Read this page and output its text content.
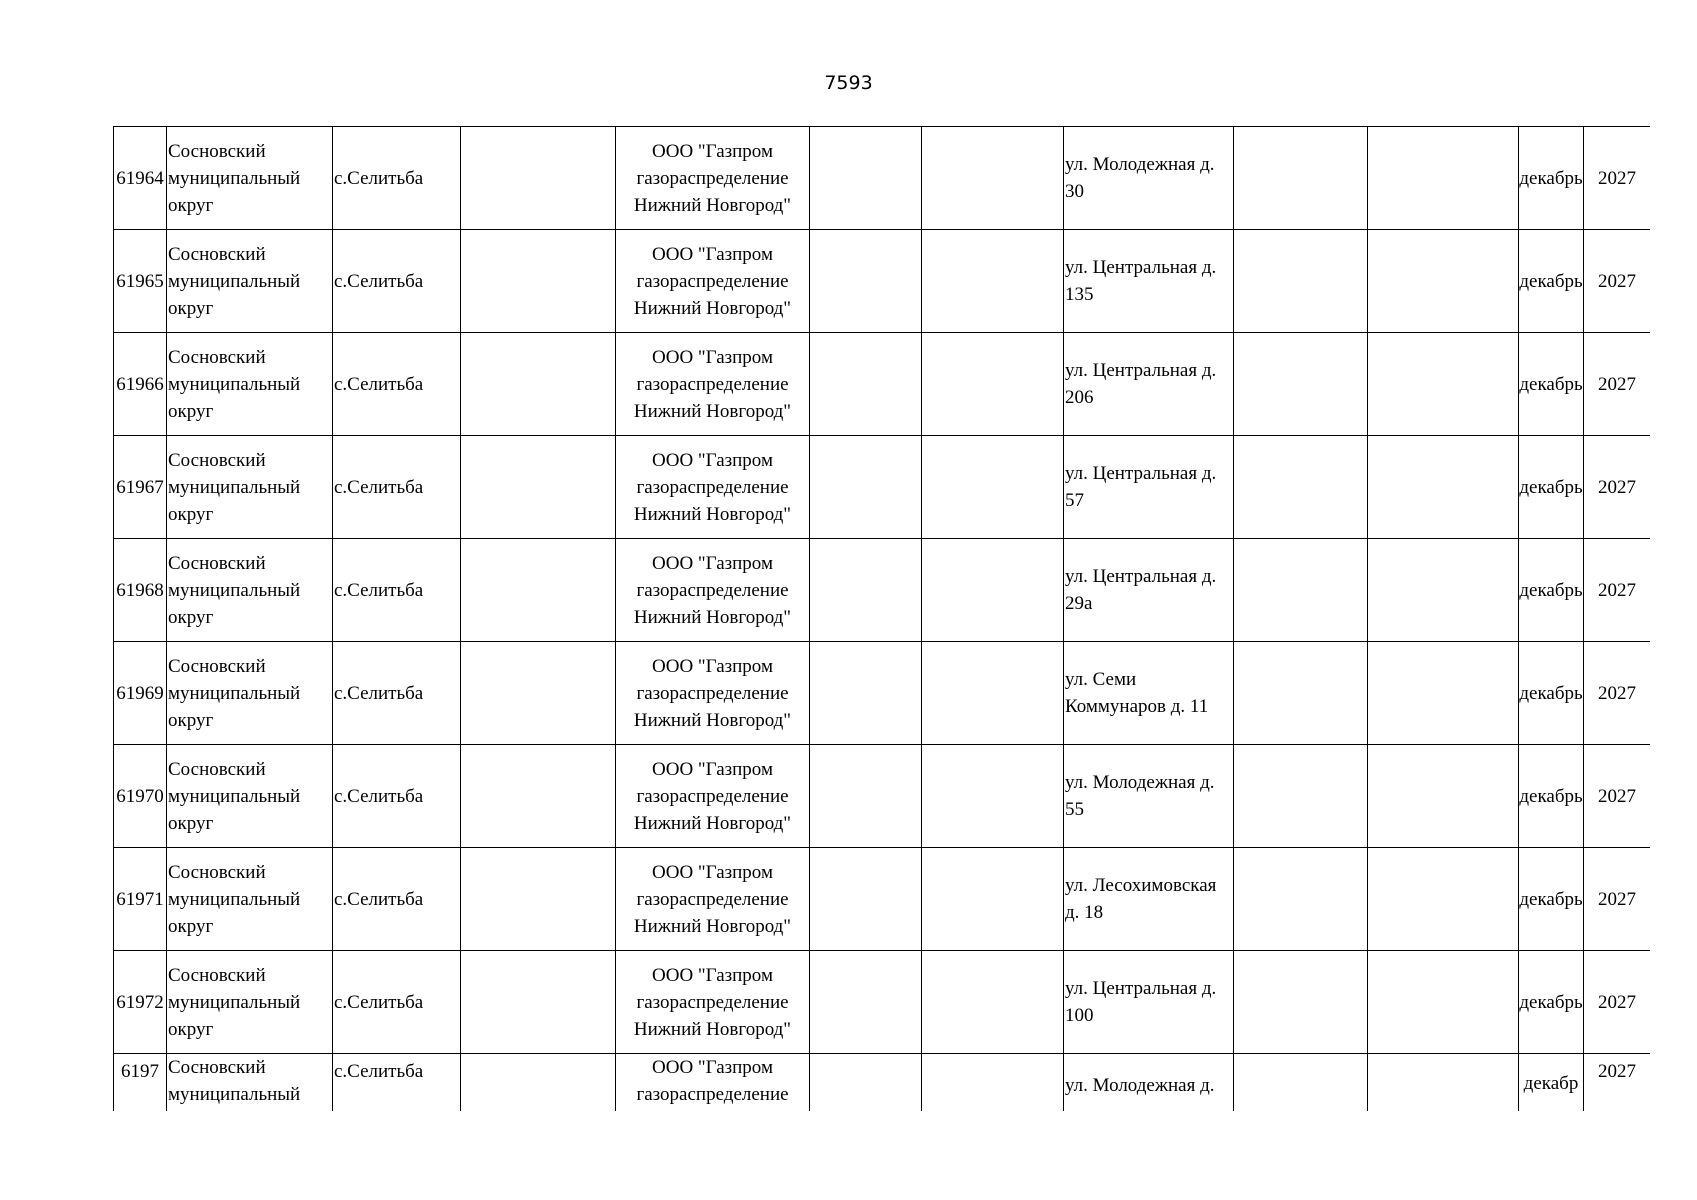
7593
61964	Сосновский муниципальный округ	с.Селитьба		ООО "Газпром газораспределение Нижний Новгород"			ул. Молодежная д. 30			декабрь	2027
61965	Сосновский муниципальный округ	с.Селитьба		ООО "Газпром газораспределение Нижний Новгород"			ул. Центральная д. 135			декабрь	2027
61966	Сосновский муниципальный округ	с.Селитьба		ООО "Газпром газораспределение Нижний Новгород"			ул. Центральная д. 206			декабрь	2027
61967	Сосновский муниципальный округ	с.Селитьба		ООО "Газпром газораспределение Нижний Новгород"			ул. Центральная д. 57			декабрь	2027
61968	Сосновский муниципальный округ	с.Селитьба		ООО "Газпром газораспределение Нижний Новгород"			ул. Центральная д. 29а			декабрь	2027
61969	Сосновский муниципальный округ	с.Селитьба		ООО "Газпром газораспределение Нижний Новгород"			ул. Семи Коммунаров д. 11			декабрь	2027
61970	Сосновский муниципальный округ	с.Селитьба		ООО "Газпром газораспределение Нижний Новгород"			ул. Молодежная д. 55			декабрь	2027
61971	Сосновский муниципальный округ	с.Селитьба		ООО "Газпром газораспределение Нижний Новгород"			ул. Лесохимовская д. 18			декабрь	2027
61972	Сосновский муниципальный округ	с.Селитьба		ООО "Газпром газораспределение Нижний Новгород"			ул. Центральная д. 100			декабрь	2027
6197	Сосновский муниципальный	с.Селитьба		ООО "Газпром газораспределение			ул. Молодежная д.			декабр	2027
